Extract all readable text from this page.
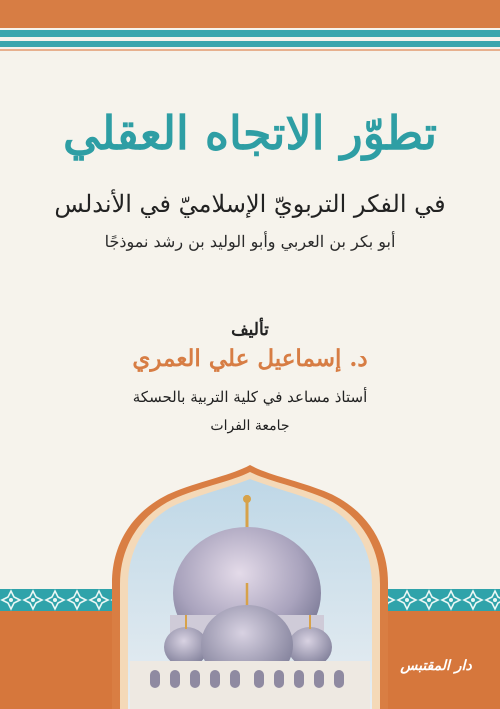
تطوّر الاتجاه العقلي
في الفكر التربويّ الإسلاميّ في الأندلس
أبو بكر بن العربي وأبو الوليد بن رشد نموذجًا
تأليف
د. إسماعيل علي العمري
أستاذ مساعد في كلية التربية بالحسكة
جامعة الفرات
دار المقتبس
